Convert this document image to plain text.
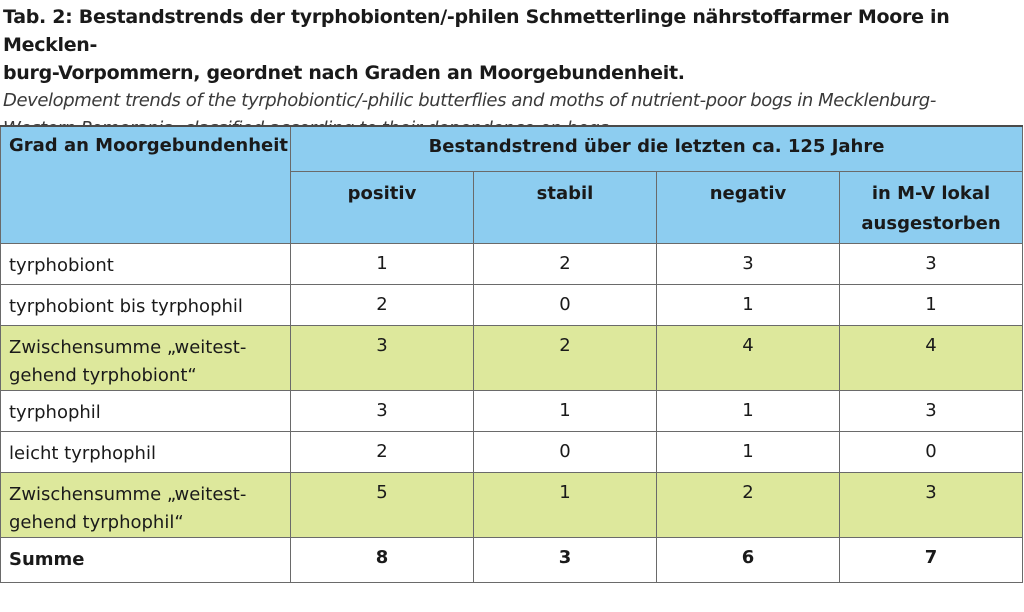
Tab. 2: Bestandstrends der tyrphobionten/-philen Schmetterlinge nährstoffarmer Moore in Mecklen-
burg-Vorpommern, geordnet nach Graden an Moorgebundenheit.

Development trends of the tyrphobiontic/-philic butterflies and moths of nutrient-poor bogs in Mecklenburg-

Grad an Moorgebundenheit	Bestandstrend über die letzten ca. 125 Jahre			
	positiv	stabil	negativ	in M-V lokal
ausgestorben
tyrphobiont	1	2	3	3
tyrphobiont bis tyrphophil	2	0	1	1
Zwischensumme „weitest-
gehend tyrphobiont“	3	2	4	4
tyrphophil	3	1	1	3
leicht tyrphophil	2	0	1	0
Zwischensumme „weitest-
gehend tyrphophil“	5	1	2	3
Summe	8	3	6	7
